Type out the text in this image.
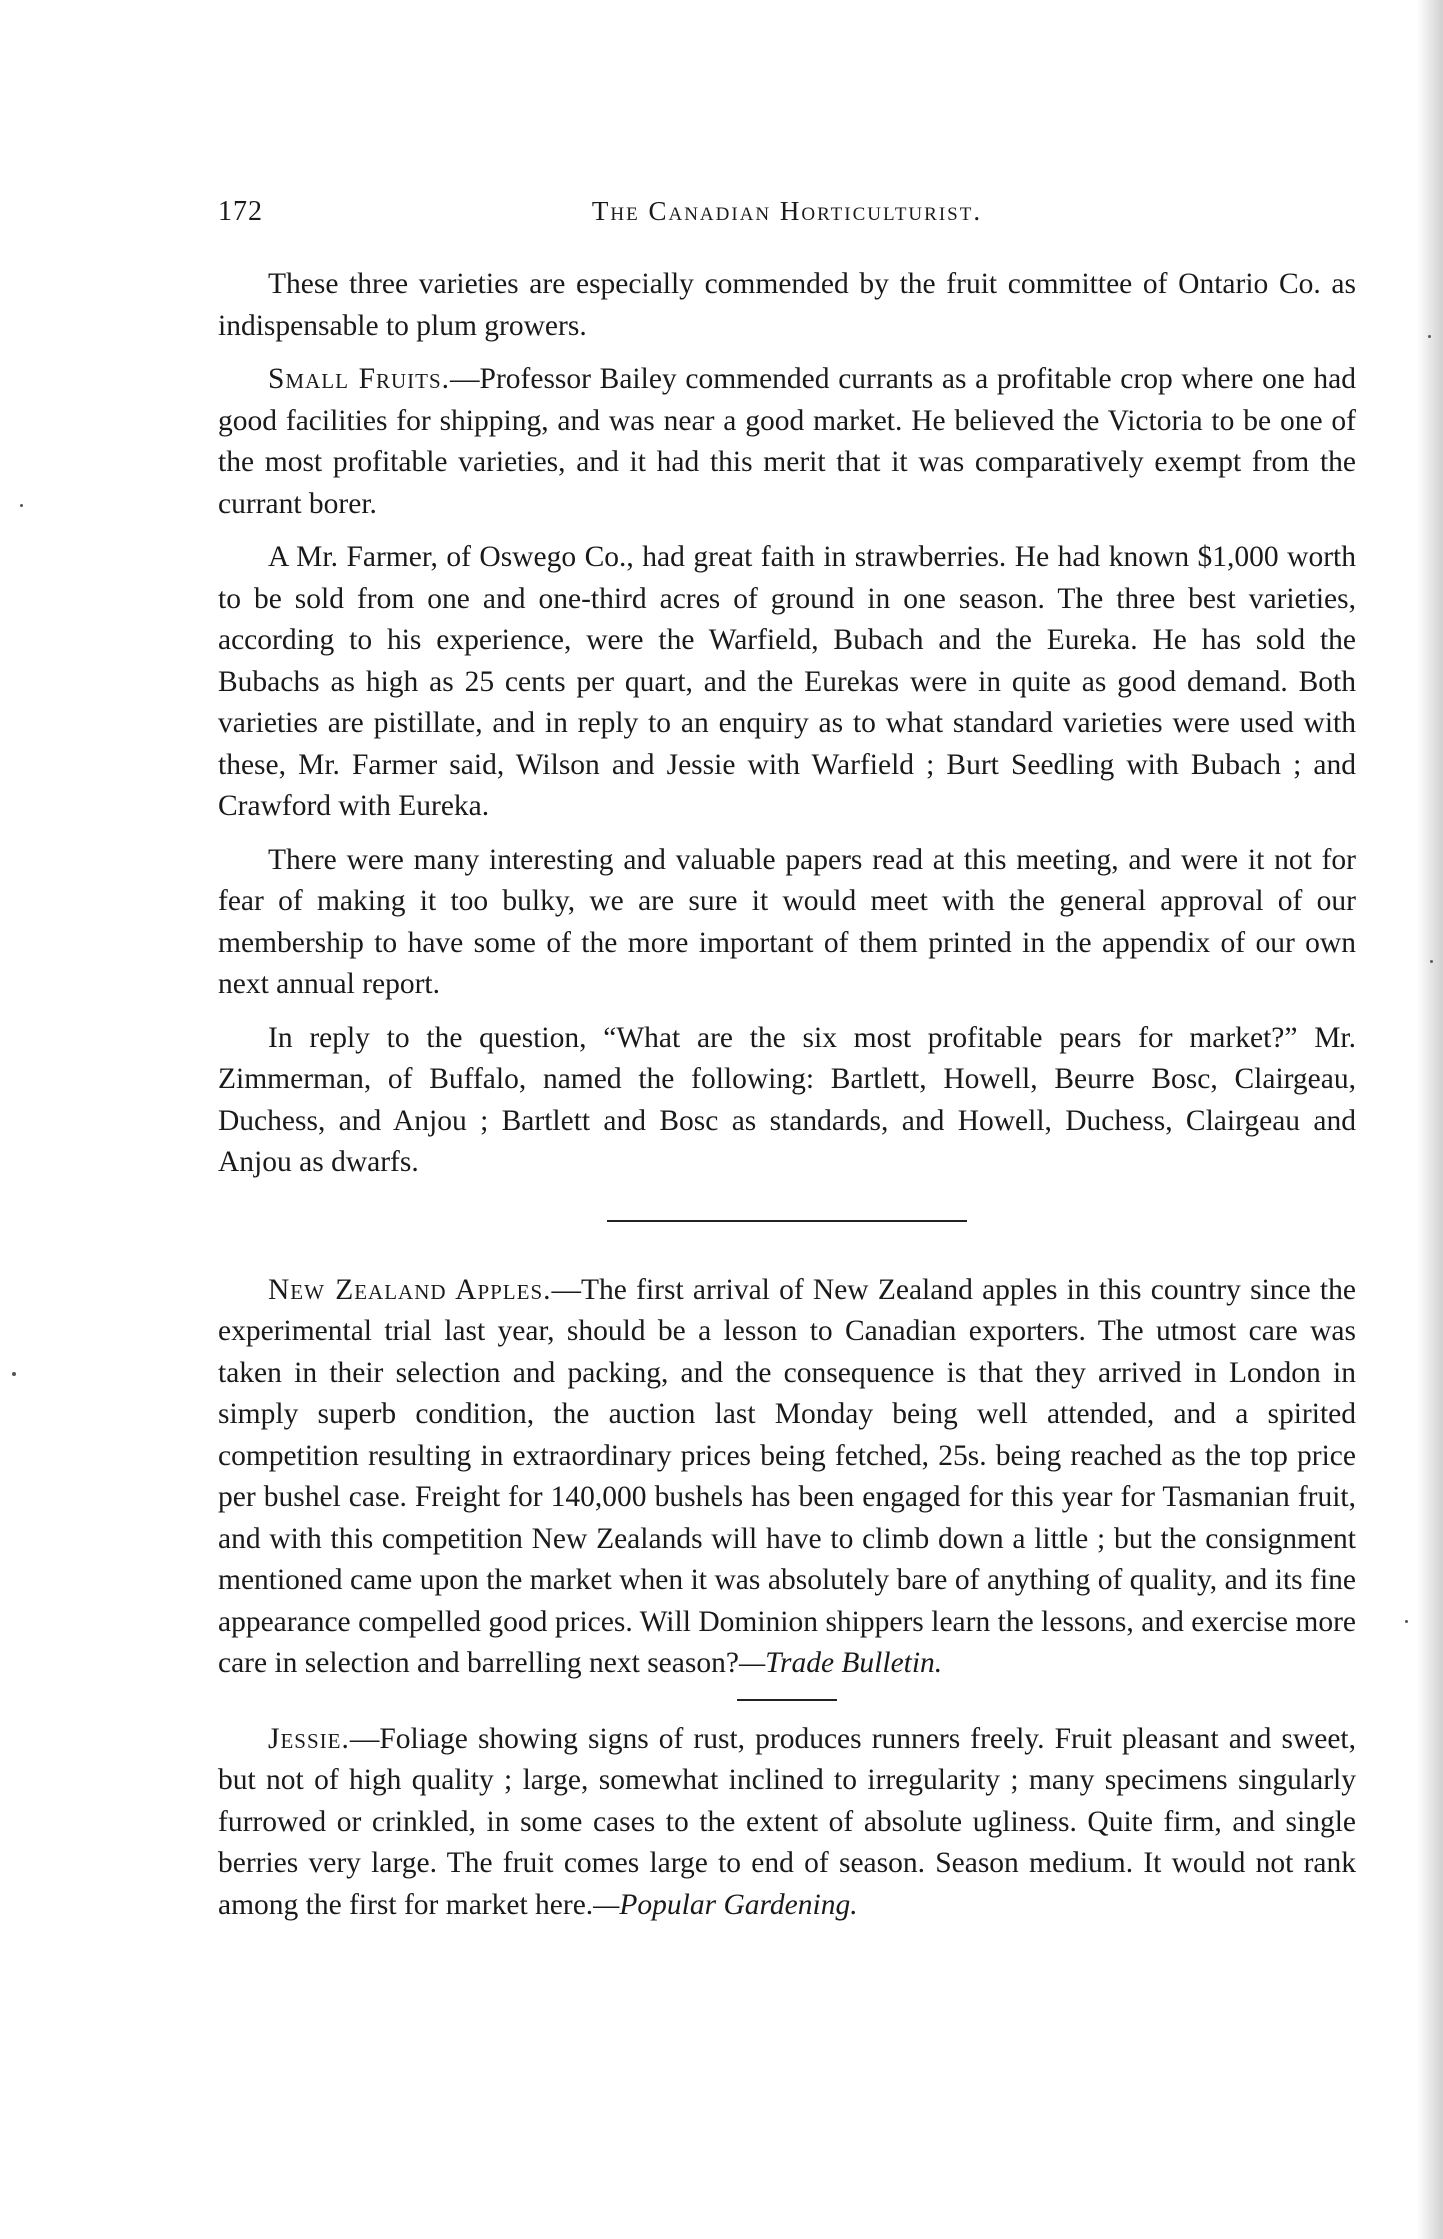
172	The Canadian Horticulturist.

These three varieties are especially commended by the fruit committee of Ontario Co. as indispensable to plum growers.

Small Fruits.—Professor Bailey commended currants as a profitable crop where one had good facilities for shipping, and was near a good market. He believed the Victoria to be one of the most profitable varieties, and it had this merit that it was comparatively exempt from the currant borer.

A Mr. Farmer, of Oswego Co., had great faith in strawberries. He had known $1,000 worth to be sold from one and one-third acres of ground in one season. The three best varieties, according to his experience, were the Warfield, Bubach and the Eureka. He has sold the Bubachs as high as 25 cents per quart, and the Eurekas were in quite as good demand. Both varieties are pistillate, and in reply to an enquiry as to what standard varieties were used with these, Mr. Farmer said, Wilson and Jessie with Warfield ; Burt Seedling with Bubach ; and Crawford with Eureka.

There were many interesting and valuable papers read at this meeting, and were it not for fear of making it too bulky, we are sure it would meet with the general approval of our membership to have some of the more important of them printed in the appendix of our own next annual report.

In reply to the question, “What are the six most profitable pears for market?” Mr. Zimmerman, of Buffalo, named the following: Bartlett, Howell, Beurre Bosc, Clairgeau, Duchess, and Anjou ; Bartlett and Bosc as standards, and Howell, Duchess, Clairgeau and Anjou as dwarfs.

New Zealand Apples.—The first arrival of New Zealand apples in this country since the experimental trial last year, should be a lesson to Canadian exporters. The utmost care was taken in their selection and packing, and the consequence is that they arrived in London in simply superb condition, the auction last Monday being well attended, and a spirited competition resulting in extraordinary prices being fetched, 25s. being reached as the top price per bushel case. Freight for 140,000 bushels has been engaged for this year for Tasmanian fruit, and with this competition New Zealands will have to climb down a little ; but the consignment mentioned came upon the market when it was absolutely bare of anything of quality, and its fine appearance compelled good prices. Will Dominion shippers learn the lessons, and exercise more care in selection and barrelling next season?—Trade Bulletin.

Jessie.—Foliage showing signs of rust, produces runners freely. Fruit pleasant and sweet, but not of high quality ; large, somewhat inclined to irregularity ; many specimens singularly furrowed or crinkled, in some cases to the extent of absolute ugliness. Quite firm, and single berries very large. The fruit comes large to end of season. Season medium. It would not rank among the first for market here.—Popular Gardening.
